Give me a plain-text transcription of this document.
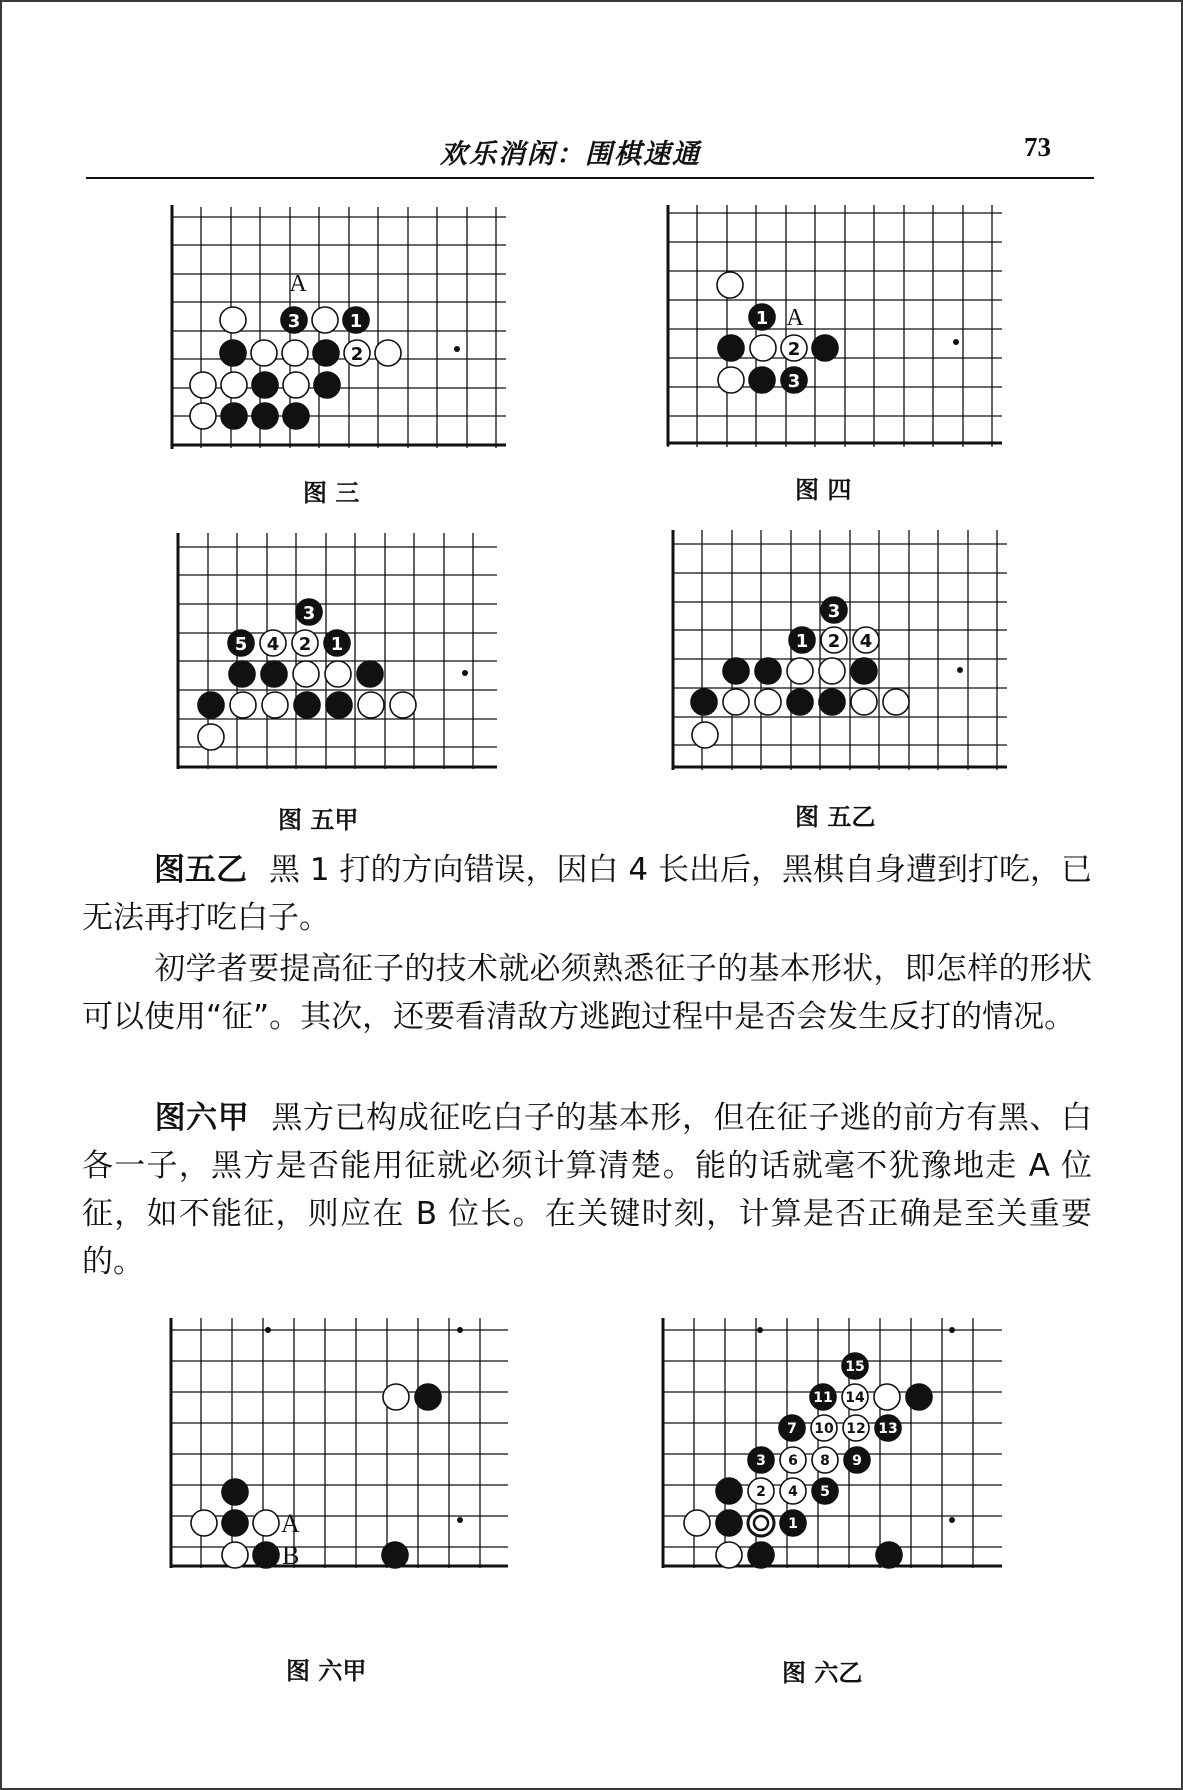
欢乐消闲：围棋速通	73
A
3	1
2
图 三
1 A
2
3
图 四
3
5 4 2 1
图 五甲
3
1 2 4
图 五乙

图五乙 黑 1 打的方向错误，因白 4 长出后，黑棋自身遭到打吃，已无法再打吃白子。

初学者要提高征子的技术就必须熟悉征子的基本形状，即怎样的形状可以使用“征”。其次，还要看清敌方逃跑过程中是否会发生反打的情况。

图六甲 黑方已构成征吃白子的基本形，但在征子逃的前方有黑、白各一子，黑方是否能用征就必须计算清楚。能的话就毫不犹豫地走 A 位征，如不能征，则应在 B 位长。在关键时刻，计算是否正确是至关重要的。

A
B
图 六甲
15
11 14
7 10 12 13
3 6 8 9
2 4 5
1
图 六乙
